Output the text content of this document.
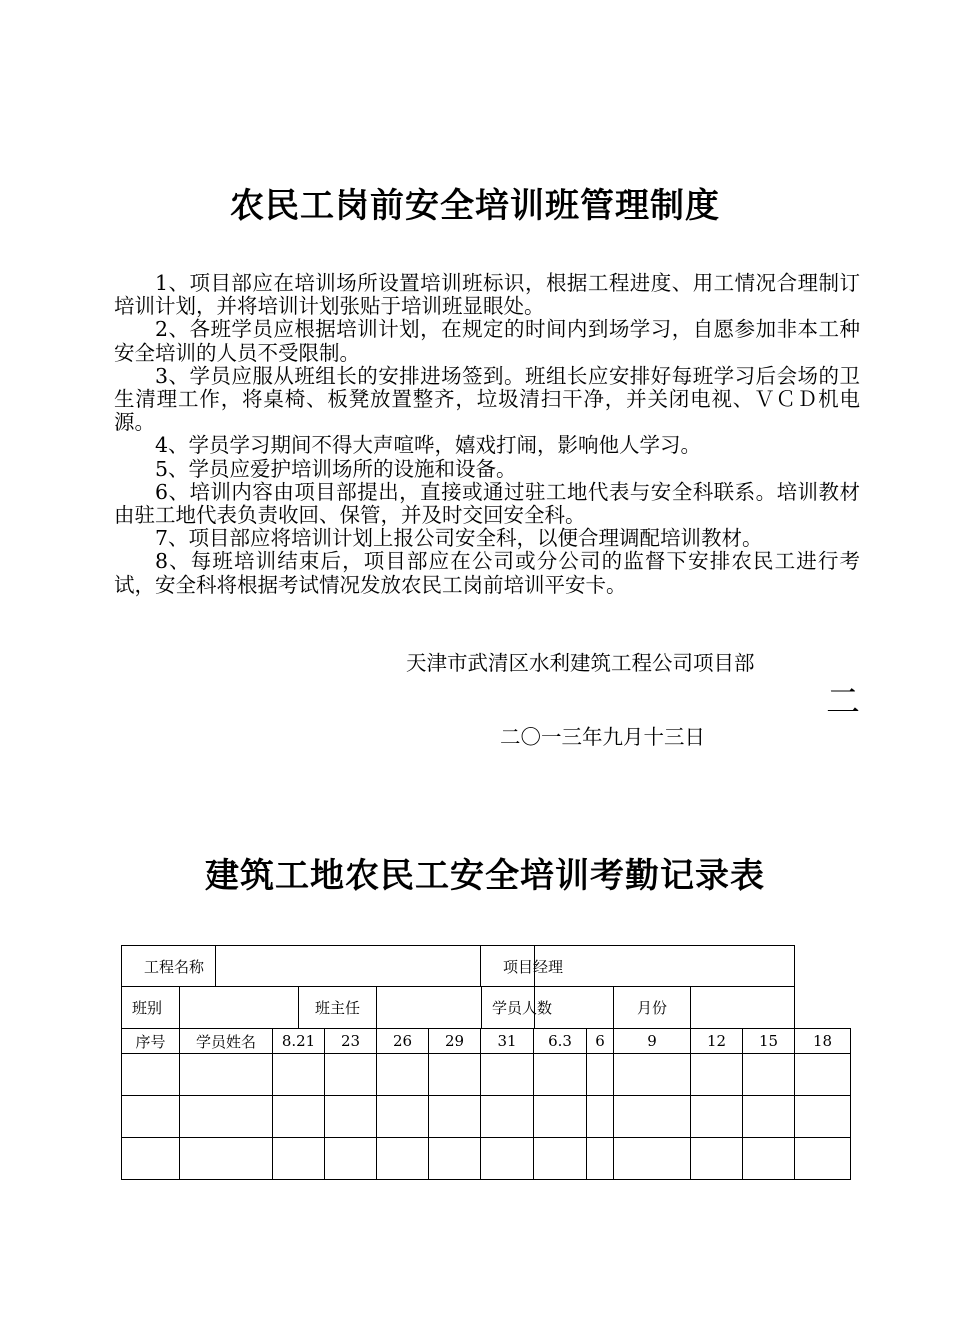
农民工岗前安全培训班管理制度

1、项目部应在培训场所设置培训班标识，根据工程进度、用工情况合理制订培训计划，并将培训计划张贴于培训班显眼处。

2、各班学员应根据培训计划，在规定的时间内到场学习，自愿参加非本工种安全培训的人员不受限制。

3、学员应服从班组长的安排进场签到。班组长应安排好每班学习后会场的卫生清理工作，将桌椅、板凳放置整齐，垃圾清扫干净，并关闭电视、ＶＣＤ机电源。

4、学员学习期间不得大声喧哗，嬉戏打闹，影响他人学习。

5、学员应爱护培训场所的设施和设备。

6、培训内容由项目部提出，直接或通过驻工地代表与安全科联系。培训教材由驻工地代表负责收回、保管，并及时交回安全科。

7、项目部应将培训计划上报公司安全科，以便合理调配培训教材。

8、每班培训结束后，项目部应在公司或分公司的监督下安排农民工进行考试，安全科将根据考试情况发放农民工岗前培训平安卡。

天津市武清区水利建筑工程公司项目部
二
二〇一三年九月十三日
建筑工地农民工安全培训考勤记录表
工程名称								项目经理						
班别				班主任				学员人数			月份			
序号	学员姓名		8.21		23	26	29	31	6.3	6	9	12	15	18
